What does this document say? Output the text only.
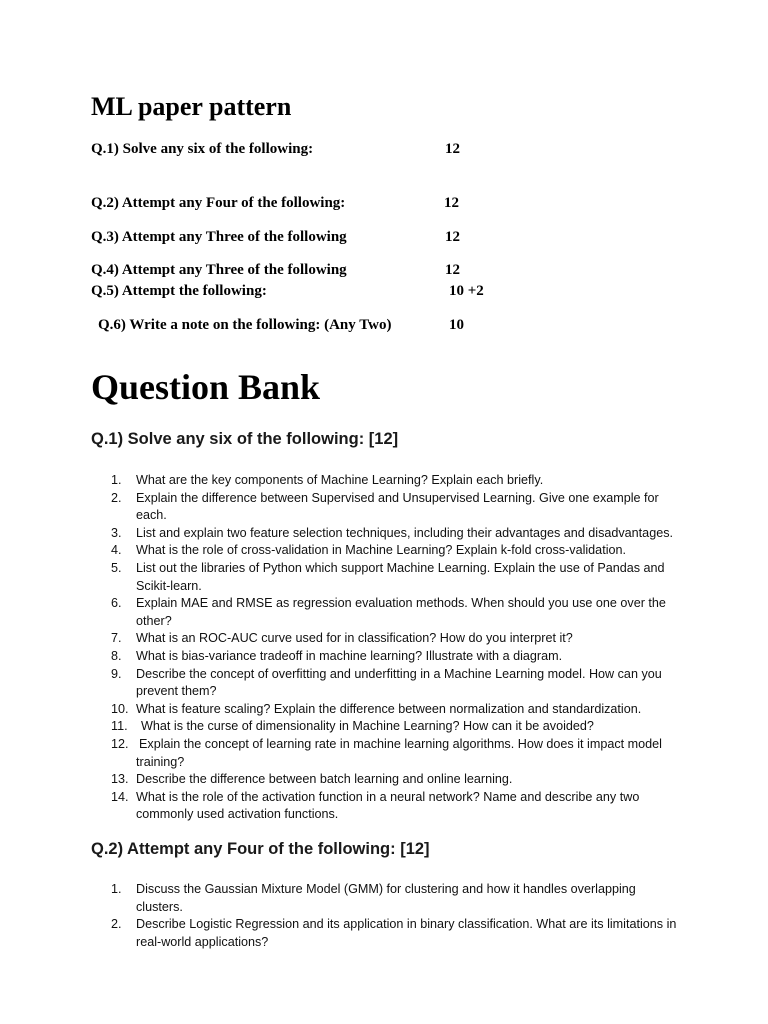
ML paper pattern
Q.1) Solve any six of the following:	12
Q.2) Attempt any Four of the following:	12
Q.3) Attempt any Three of the following	12
Q.4) Attempt any Three of the following	12
Q.5) Attempt the following:	10 +2
Q.6) Write a note on the following: (Any Two)	10
Question Bank
Q.1) Solve any six of the following: [12]
1. What are the key components of Machine Learning? Explain each briefly.
2. Explain the difference between Supervised and Unsupervised Learning. Give one example for each.
3. List and explain two feature selection techniques, including their advantages and disadvantages.
4. What is the role of cross-validation in Machine Learning? Explain k-fold cross-validation.
5. List out the libraries of Python which support Machine Learning. Explain the use of Pandas and Scikit-learn.
6. Explain MAE and RMSE as regression evaluation methods. When should you use one over the other?
7. What is an ROC-AUC curve used for in classification? How do you interpret it?
8. What is bias-variance tradeoff in machine learning? Illustrate with a diagram.
9. Describe the concept of overfitting and underfitting in a Machine Learning model. How can you prevent them?
10. What is feature scaling? Explain the difference between normalization and standardization.
11. What is the curse of dimensionality in Machine Learning? How can it be avoided?
12. Explain the concept of learning rate in machine learning algorithms. How does it impact model training?
13. Describe the difference between batch learning and online learning.
14. What is the role of the activation function in a neural network? Name and describe any two commonly used activation functions.
Q.2) Attempt any Four of the following: [12]
1. Discuss the Gaussian Mixture Model (GMM) for clustering and how it handles overlapping clusters.
2. Describe Logistic Regression and its application in binary classification. What are its limitations in real-world applications?
